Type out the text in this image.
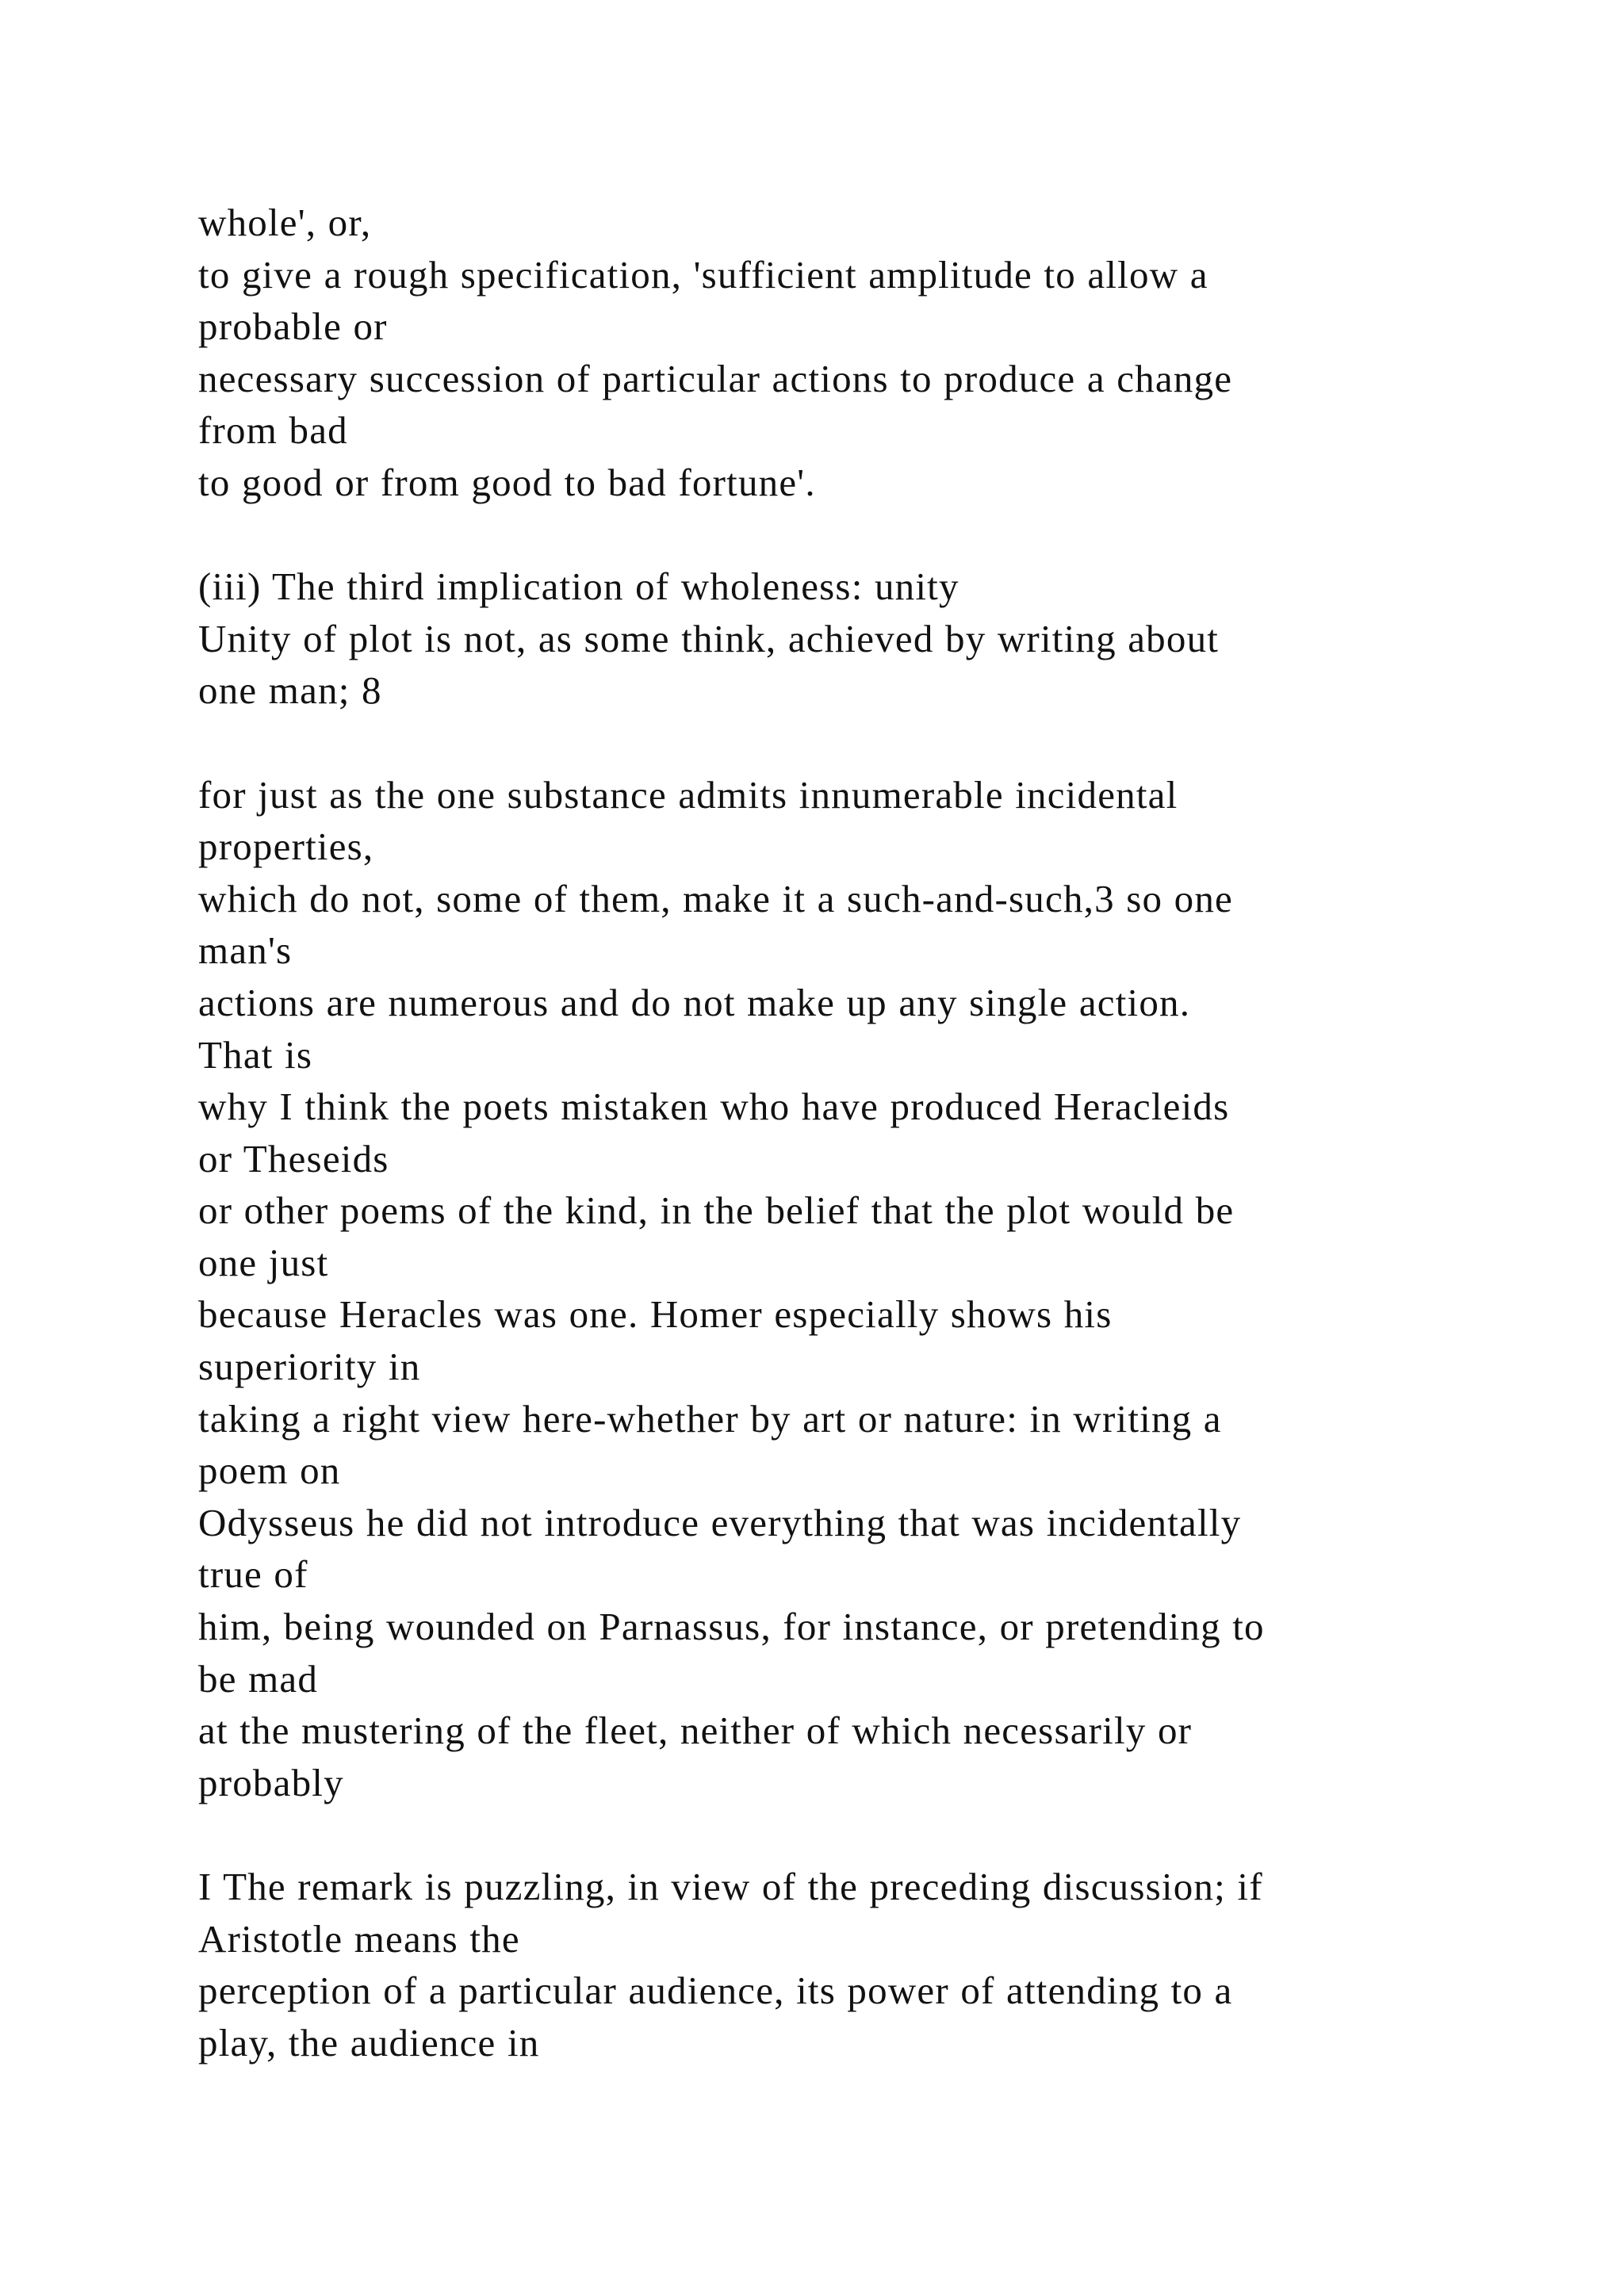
whole', or,
to give a rough specification, 'sufficient amplitude to allow a
probable or
necessary succession of particular actions to produce a change
from bad
to good or from good to bad fortune'.
(iii) The third implication of wholeness: unity
Unity of plot is not, as some think, achieved by writing about
one man; 8
for just as the one substance admits innumerable incidental
properties,
which do not, some of them, make it a such-and-such,3 so one
man's
actions are numerous and do not make up any single action.
That is
why I think the poets mistaken who have produced Heracleids
or Theseids
or other poems of the kind, in the belief that the plot would be
one just
because Heracles was one. Homer especially shows his
superiority in
taking a right view here-whether by art or nature: in writing a
poem on
Odysseus he did not introduce everything that was incidentally
true of
him, being wounded on Parnassus, for instance, or pretending to
be mad
at the mustering of the fleet, neither of which necessarily or
probably
I The remark is puzzling, in view of the preceding discussion; if
Aristotle means the
perception of a particular audience, its power of attending to a
play, the audience in
